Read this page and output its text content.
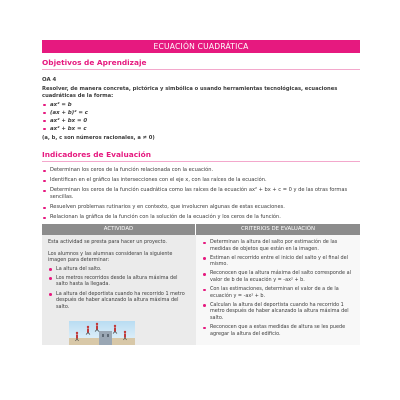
ECUACIÓN CUADRÁTICA
Objetivos de Aprendizaje
OA 4
Resolver, de manera concreta, pictórica y simbólica o usando herramientas tecnológicas, ecuaciones cuadráticas de la forma:
ax² = b
(ax + b)² = c
ax² + bx = 0
ax² + bx = c
(a, b, c son números racionales, a ≠ 0)
Indicadores de Evaluación
Determinan los ceros de la función relacionada con la ecuación.
Identifican en el gráfico las intersecciones con el eje x, con las raíces de la ecuación.
Determinan los ceros de la función cuadrática como las raíces de la ecuación ax² + bx + c = 0 y de las otras formas sencillas.
Resuelven problemas rutinarios y en contexto, que involucren algunas de estas ecuaciones.
Relacionan la gráfica de la función con la solución de la ecuación y los ceros de la función.
ACTIVIDAD

Esta actividad se presta para hacer un proyecto.

Los alumnos y las alumnas consideran la siguiente imagen para determinar:

La altura del salto.
Los metros recorridos desde la altura máxima del salto hasta la llegada.
La altura del deportista cuando ha recorrido 1 metro después de haber alcanzado la altura máxima del salto.
CRITERIOS DE EVALUACIÓN
Determinan la altura del salto por estimación de las medidas de objetos que están en la imagen.
Estiman el recorrido entre el inicio del salto y el final del mismo.
Reconocen que la altura máxima del salto corresponde al valor de b de la ecuación y = -ax² + b.
Con las estimaciones, determinan el valor de a de la ecuación y = -ax² + b.
Calculan la altura del deportista cuando ha recorrido 1 metro después de haber alcanzado la altura máxima del salto.
Reconocen que a estas medidas de altura se les puede agregar la altura del edificio.
